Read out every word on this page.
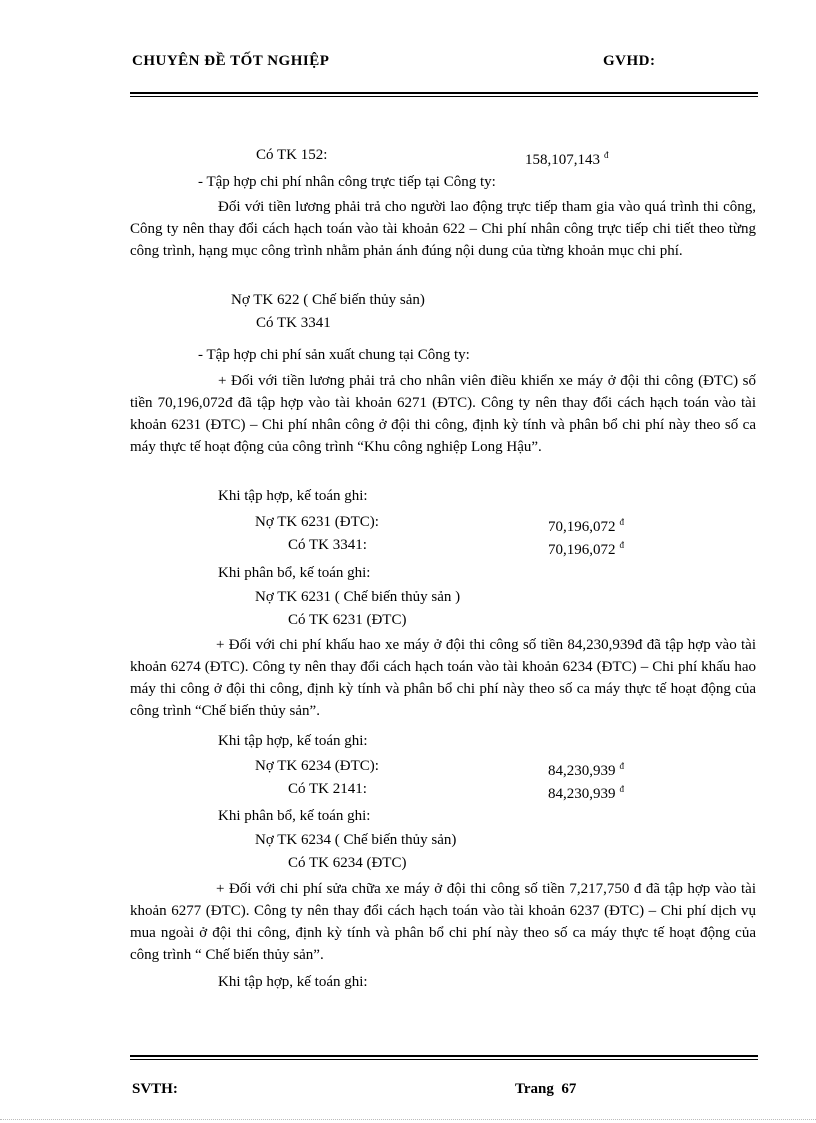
CHUYÊN ĐỀ TỐT NGHIỆP	GVHD:
Có TK 152:	158,107,143 $^đ$
- Tập hợp chi phí nhân công trực tiếp tại Công ty:
Đối với tiền lương phải trả cho người lao động trực tiếp tham gia vào quá trình thi công, Công ty nên thay đổi cách hạch toán vào tài khoản 622 – Chi phí nhân công trực tiếp chi tiết theo từng công trình, hạng mục công trình nhằm phản ánh đúng nội dung của từng khoản mục chi phí.
Nợ TK 622 ( Chế biến thủy sản)
Có TK 3341
- Tập hợp chi phí sản xuất chung tại Công ty:
+ Đối với tiền lương phải trả cho nhân viên điều khiển xe máy ở đội thi công (ĐTC) số tiền 70,196,072đ đã tập hợp vào tài khoản 6271 (ĐTC). Công ty nên thay đổi cách hạch toán vào tài khoản 6231 (ĐTC) – Chi phí nhân công ở đội thi công, định kỳ tính và phân bổ chi phí này theo số ca máy thực tế hoạt động của công trình “Khu công nghiệp Long Hậu”.
Khi tập hợp, kế toán ghi:
Nợ TK 6231 (ĐTC):	70,196,072 $^đ$
Có TK 3341:	70,196,072 $^đ$
Khi phân bổ, kế toán ghi:
Nợ TK 6231 ( Chế biến thủy sản )
Có TK 6231 (ĐTC)
+ Đối với chi phí khấu hao xe máy ở đội thi công số tiền 84,230,939đ đã tập hợp vào tài khoản 6274 (ĐTC). Công ty nên thay đổi cách hạch toán vào tài khoản 6234 (ĐTC) – Chi phí khấu hao máy thi công ở đội thi công, định kỳ tính và phân bổ chi phí này theo số ca máy thực tế hoạt động của công trình “Chế biến thủy sản”.
Khi tập hợp, kế toán ghi:
Nợ TK 6234 (ĐTC):	84,230,939 $^đ$
Có TK 2141:	84,230,939 $^đ$
Khi phân bổ, kế toán ghi:
Nợ TK 6234 ( Chế biến thủy sản)
Có TK 6234 (ĐTC)
+ Đối với chi phí sửa chữa xe máy ở đội thi công số tiền 7,217,750 đ đã tập hợp vào tài khoản 6277 (ĐTC). Công ty nên thay đổi cách hạch toán vào tài khoản 6237 (ĐTC) – Chi phí dịch vụ mua ngoài ở đội thi công, định kỳ tính và phân bổ chi phí này theo số ca máy thực tế hoạt động của công trình “ Chế biến thủy sản”.
Khi tập hợp, kế toán ghi:
SVTH:	Trang 67
